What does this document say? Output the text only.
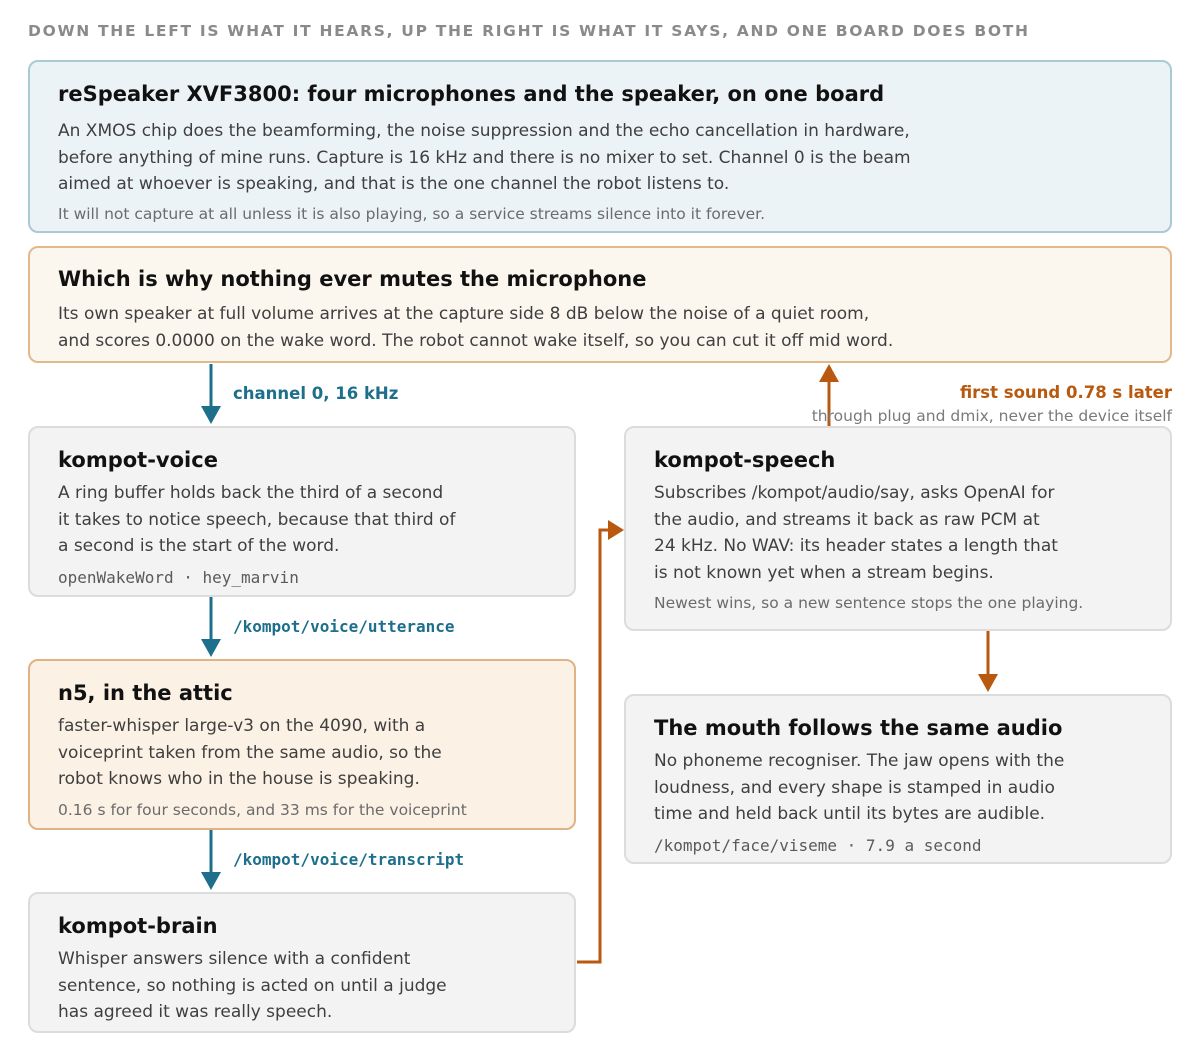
DOWN THE LEFT IS WHAT IT HEARS, UP THE RIGHT IS WHAT IT SAYS, AND ONE BOARD DOES BOTH
reSpeaker XVF3800: four microphones and the speaker, on one board

An XMOS chip does the beamforming, the noise suppression and the echo cancellation in hardware,

before anything of mine runs. Capture is 16 kHz and there is no mixer to set. Channel 0 is the beam

aimed at whoever is speaking, and that is the one channel the robot listens to.

It will not capture at all unless it is also playing, so a service streams silence into it forever.
Which is why nothing ever mutes the microphone

Its own speaker at full volume arrives at the capture side 8 dB below the noise of a quiet room,

and scores 0.0000 on the wake word. The robot cannot wake itself, so you can cut it off mid word.

channel 0, 16 kHz	first sound 0.78 s later
through plug and dmix, never the device itself
kompot-voice

A ring buffer holds back the third of a second

it takes to notice speech, because that third of

a second is the start of the word.

openWakeWord · hey_marvin
/kompot/voice/utterance
n5, in the attic

faster-whisper large-v3 on the 4090, with a

voiceprint taken from the same audio, so the

robot knows who in the house is speaking.

0.16 s for four seconds, and 33 ms for the voiceprint
/kompot/voice/transcript
kompot-brain

Whisper answers silence with a confident

sentence, so nothing is acted on until a judge

has agreed it was really speech.

kompot-speech

Subscribes /kompot/audio/say, asks OpenAI for

the audio, and streams it back as raw PCM at

24 kHz. No WAV: its header states a length that

is not known yet when a stream begins.

Newest wins, so a new sentence stops the one playing.
The mouth follows the same audio

No phoneme recogniser. The jaw opens with the

loudness, and every shape is stamped in audio

time and held back until its bytes are audible.

/kompot/face/viseme · 7.9 a second
